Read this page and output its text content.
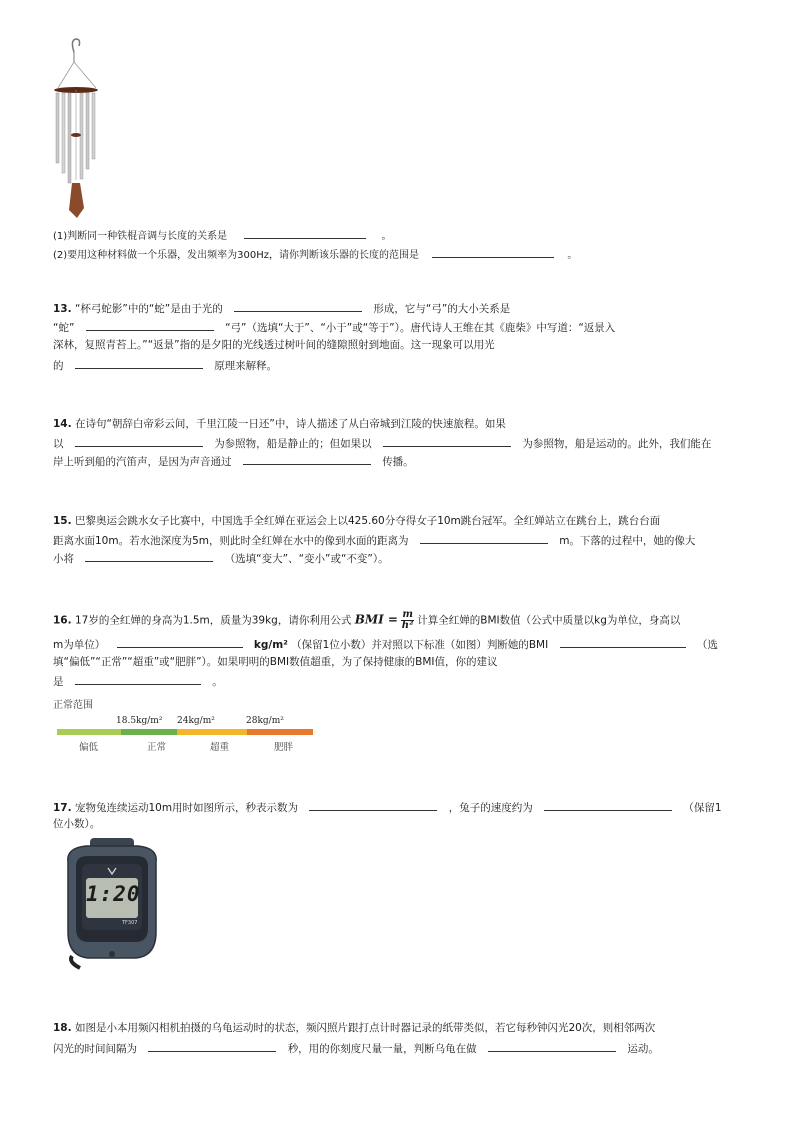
(1)判断同一种铁棍音调与长度的关系是	。
(2)要用这种材料做一个乐器，发出频率为300Hz，请你判断该乐器的长度的范围是	。
13. “杯弓蛇影”中的“蛇”是由于光的	形成，它与“弓”的大小关系是
“蛇”	“弓”（选填“大于”、“小于”或“等于”）。唐代诗人王维在其《鹿柴》中写道：“返景入
深林，复照青苔上。”“返景”指的是夕阳的光线透过树叶间的缝隙照射到地面。这一现象可以用光
的	原理来解释。
14. 在诗句“朝辞白帝彩云间，千里江陵一日还”中，诗人描述了从白帝城到江陵的快速旅程。如果
以	为参照物，船是静止的；但如果以	为参照物，船是运动的。此外，我们能在
岸上听到船的汽笛声，是因为声音通过	传播。
15. 巴黎奥运会跳水女子比赛中，中国选手全红婵在亚运会上以425.60分夺得女子10m跳台冠军。全红婵站立在跳台上，跳台台面
距离水面10m。若水池深度为5m，则此时全红婵在水中的像到水面的距离为	m。下落的过程中，她的像大
小将	（选填“变大”、“变小”或“不变”）。
16. 17岁的全红婵的身高为1.5m，质量为39kg，请你利用公式 BMI = $\frac{m}{\text{h²}}$ 计算全红婵的BMI数值（公式中质量以kg为单位，身高以
m为单位）	kg/m² （保留1位小数）并对照以下标准（如图）判断她的BMI	（选
填“偏低”“正常”“超重”或“肥胖”）。如果明明的BMI数值超重，为了保持健康的BMI值，你的建议
是	。
正常范围
18.5kg/m² 24kg/m²	28kg/m²
偏低	正常	超重	肥胖
17. 宠物兔连续运动10m用时如图所示，秒表示数为	，兔子的速度约为	（保留1
位小数）。
1:20
TF307
18. 如图是小本用频闪相机拍摄的乌龟运动时的状态，频闪照片跟打点计时器记录的纸带类似，若它每秒钟闪光20次，则相邻两次
闪光的时间间隔为	秒，用的你刻度尺量一量，判断乌龟在做	运动。
